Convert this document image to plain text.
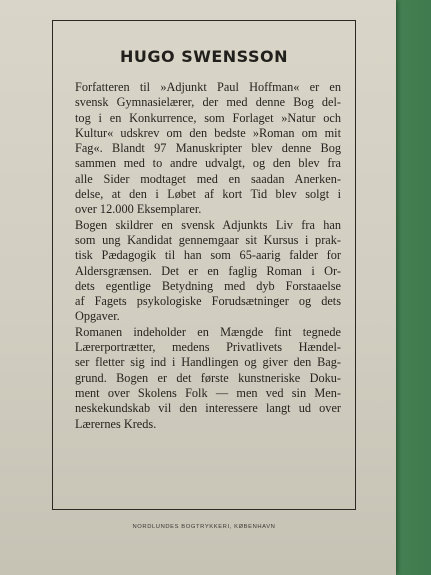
HUGO SWENSSON

Forfatteren til »Adjunkt Paul Hoffman« er en
svensk Gymnasielærer, der med denne Bog del-
tog i en Konkurrence, som Forlaget »Natur och
Kultur« udskrev om den bedste »Roman om mit
Fag«. Blandt 97 Manuskripter blev denne Bog
sammen med to andre udvalgt, og den blev fra
alle Sider modtaget med en saadan Anerken-
delse, at den i Løbet af kort Tid blev solgt i
over 12.000 Eksemplarer.

Bogen skildrer en svensk Adjunkts Liv fra han
som ung Kandidat gennemgaar sit Kursus i prak-
tisk Pædagogik til han som 65-aarig falder for
Aldersgrænsen. Det er en faglig Roman i Or-
dets egentlige Betydning med dyb Forstaaelse
af Fagets psykologiske Forudsætninger og dets
Opgaver.

Romanen indeholder en Mængde fint tegnede
Lærerportrætter, medens Privatlivets Hændel-
ser fletter sig ind i Handlingen og giver den Bag-
grund. Bogen er det første kunstneriske Doku-
ment over Skolens Folk — men ved sin Men-
neskekundskab vil den interessere langt ud over
Lærernes Kreds.

NORDLUNDES BOGTRYKKERI, KØBENHAVN
